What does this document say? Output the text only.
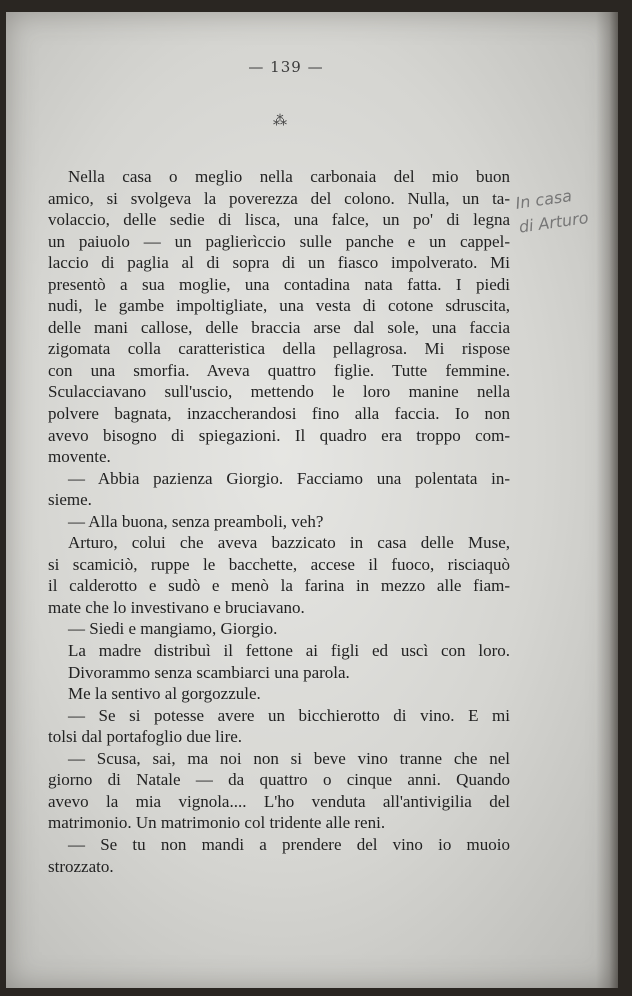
— 139 —
⁂
Nella casa o meglio nella carbonaia del mio buon
amico, si svolgeva la poverezza del colono. Nulla, un ta-
volaccio, delle sedie di lisca, una falce, un po' di legna
un paiuolo — un paglierìccio sulle panche e un cappel-
laccio di paglia al di sopra di un fiasco impolverato. Mi
presentò a sua moglie, una contadina nata fatta. I piedi
nudi, le gambe impoltigliate, una vesta di cotone sdruscita,
delle mani callose, delle braccia arse dal sole, una faccia
zigomata colla caratteristica della pellagrosa. Mi rispose
con una smorfia. Aveva quattro figlie. Tutte femmine.
Sculacciavano sull'uscio, mettendo le loro manine nella
polvere bagnata, inzaccherandosi fino alla faccia. Io non
avevo bisogno di spiegazioni. Il quadro era troppo com-
movente.
— Abbia pazienza Giorgio. Facciamo una polentata in-
sieme.
— Alla buona, senza preamboli, veh?
Arturo, colui che aveva bazzicato in casa delle Muse,
si scamiciò, ruppe le bacchette, accese il fuoco, risciaquò
il calderotto e sudò e menò la farina in mezzo alle fiam-
mate che lo investivano e bruciavano.
— Siedi e mangiamo, Giorgio.
La madre distribuì il fettone ai figli ed uscì con loro.
Divorammo senza scambiarci una parola.
Me la sentivo al gorgozzule.
— Se si potesse avere un bicchierotto di vino. E mi
tolsi dal portafoglio due lire.
— Scusa, sai, ma noi non si beve vino tranne che nel
giorno di Natale — da quattro o cinque anni. Quando
avevo la mia vignola.... L'ho venduta all'antivigilia del
matrimonio. Un matrimonio col tridente alle reni.
— Se tu non mandi a prendere del vino io muoio
strozzato.
In casa
di Arturo
